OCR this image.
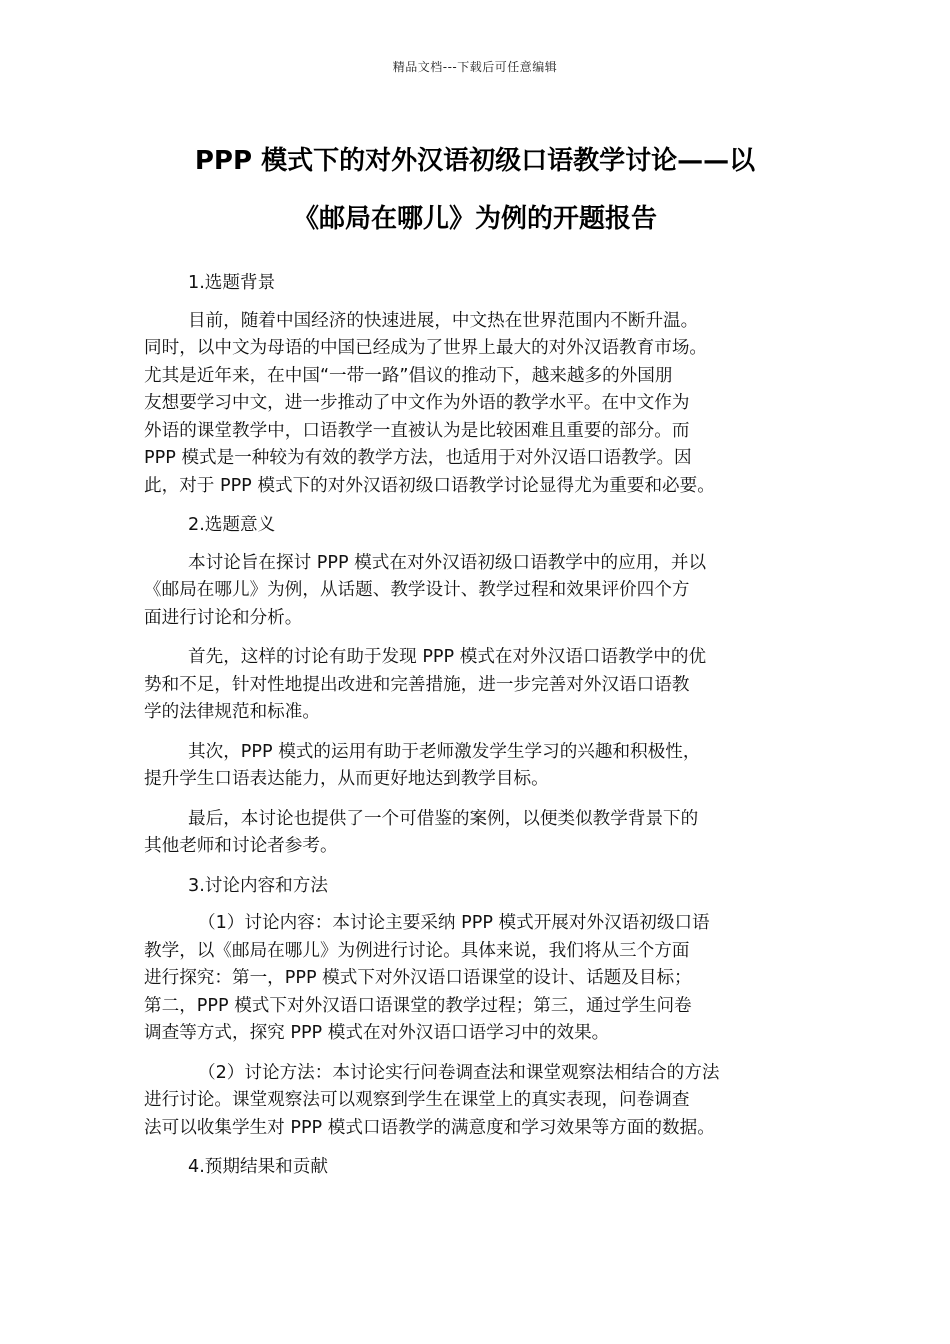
精品文档---下载后可任意编辑
PPP 模式下的对外汉语初级口语教学讨论——以
《邮局在哪儿》为例的开题报告

1.选题背景

目前，随着中国经济的快速进展，中文热在世界范围内不断升温。
同时，以中文为母语的中国已经成为了世界上最大的对外汉语教育市场。
尤其是近年来，在中国“一带一路”倡议的推动下，越来越多的外国朋
友想要学习中文，进一步推动了中文作为外语的教学水平。在中文作为
外语的课堂教学中，口语教学一直被认为是比较困难且重要的部分。而
PPP 模式是一种较为有效的教学方法，也适用于对外汉语口语教学。因
此，对于 PPP 模式下的对外汉语初级口语教学讨论显得尤为重要和必要。

2.选题意义

本讨论旨在探讨 PPP 模式在对外汉语初级口语教学中的应用，并以
《邮局在哪儿》为例，从话题、教学设计、教学过程和效果评价四个方
面进行讨论和分析。

首先，这样的讨论有助于发现 PPP 模式在对外汉语口语教学中的优
势和不足，针对性地提出改进和完善措施，进一步完善对外汉语口语教
学的法律规范和标准。

其次，PPP 模式的运用有助于老师激发学生学习的兴趣和积极性，
提升学生口语表达能力，从而更好地达到教学目标。

最后，本讨论也提供了一个可借鉴的案例，以便类似教学背景下的
其他老师和讨论者参考。

3.讨论内容和方法

（1）讨论内容：本讨论主要采纳 PPP 模式开展对外汉语初级口语
教学，以《邮局在哪儿》为例进行讨论。具体来说，我们将从三个方面
进行探究：第一，PPP 模式下对外汉语口语课堂的设计、话题及目标；
第二，PPP 模式下对外汉语口语课堂的教学过程；第三，通过学生问卷
调查等方式，探究 PPP 模式在对外汉语口语学习中的效果。

（2）讨论方法：本讨论实行问卷调查法和课堂观察法相结合的方法
进行讨论。课堂观察法可以观察到学生在课堂上的真实表现，问卷调查
法可以收集学生对 PPP 模式口语教学的满意度和学习效果等方面的数据。

4.预期结果和贡献
